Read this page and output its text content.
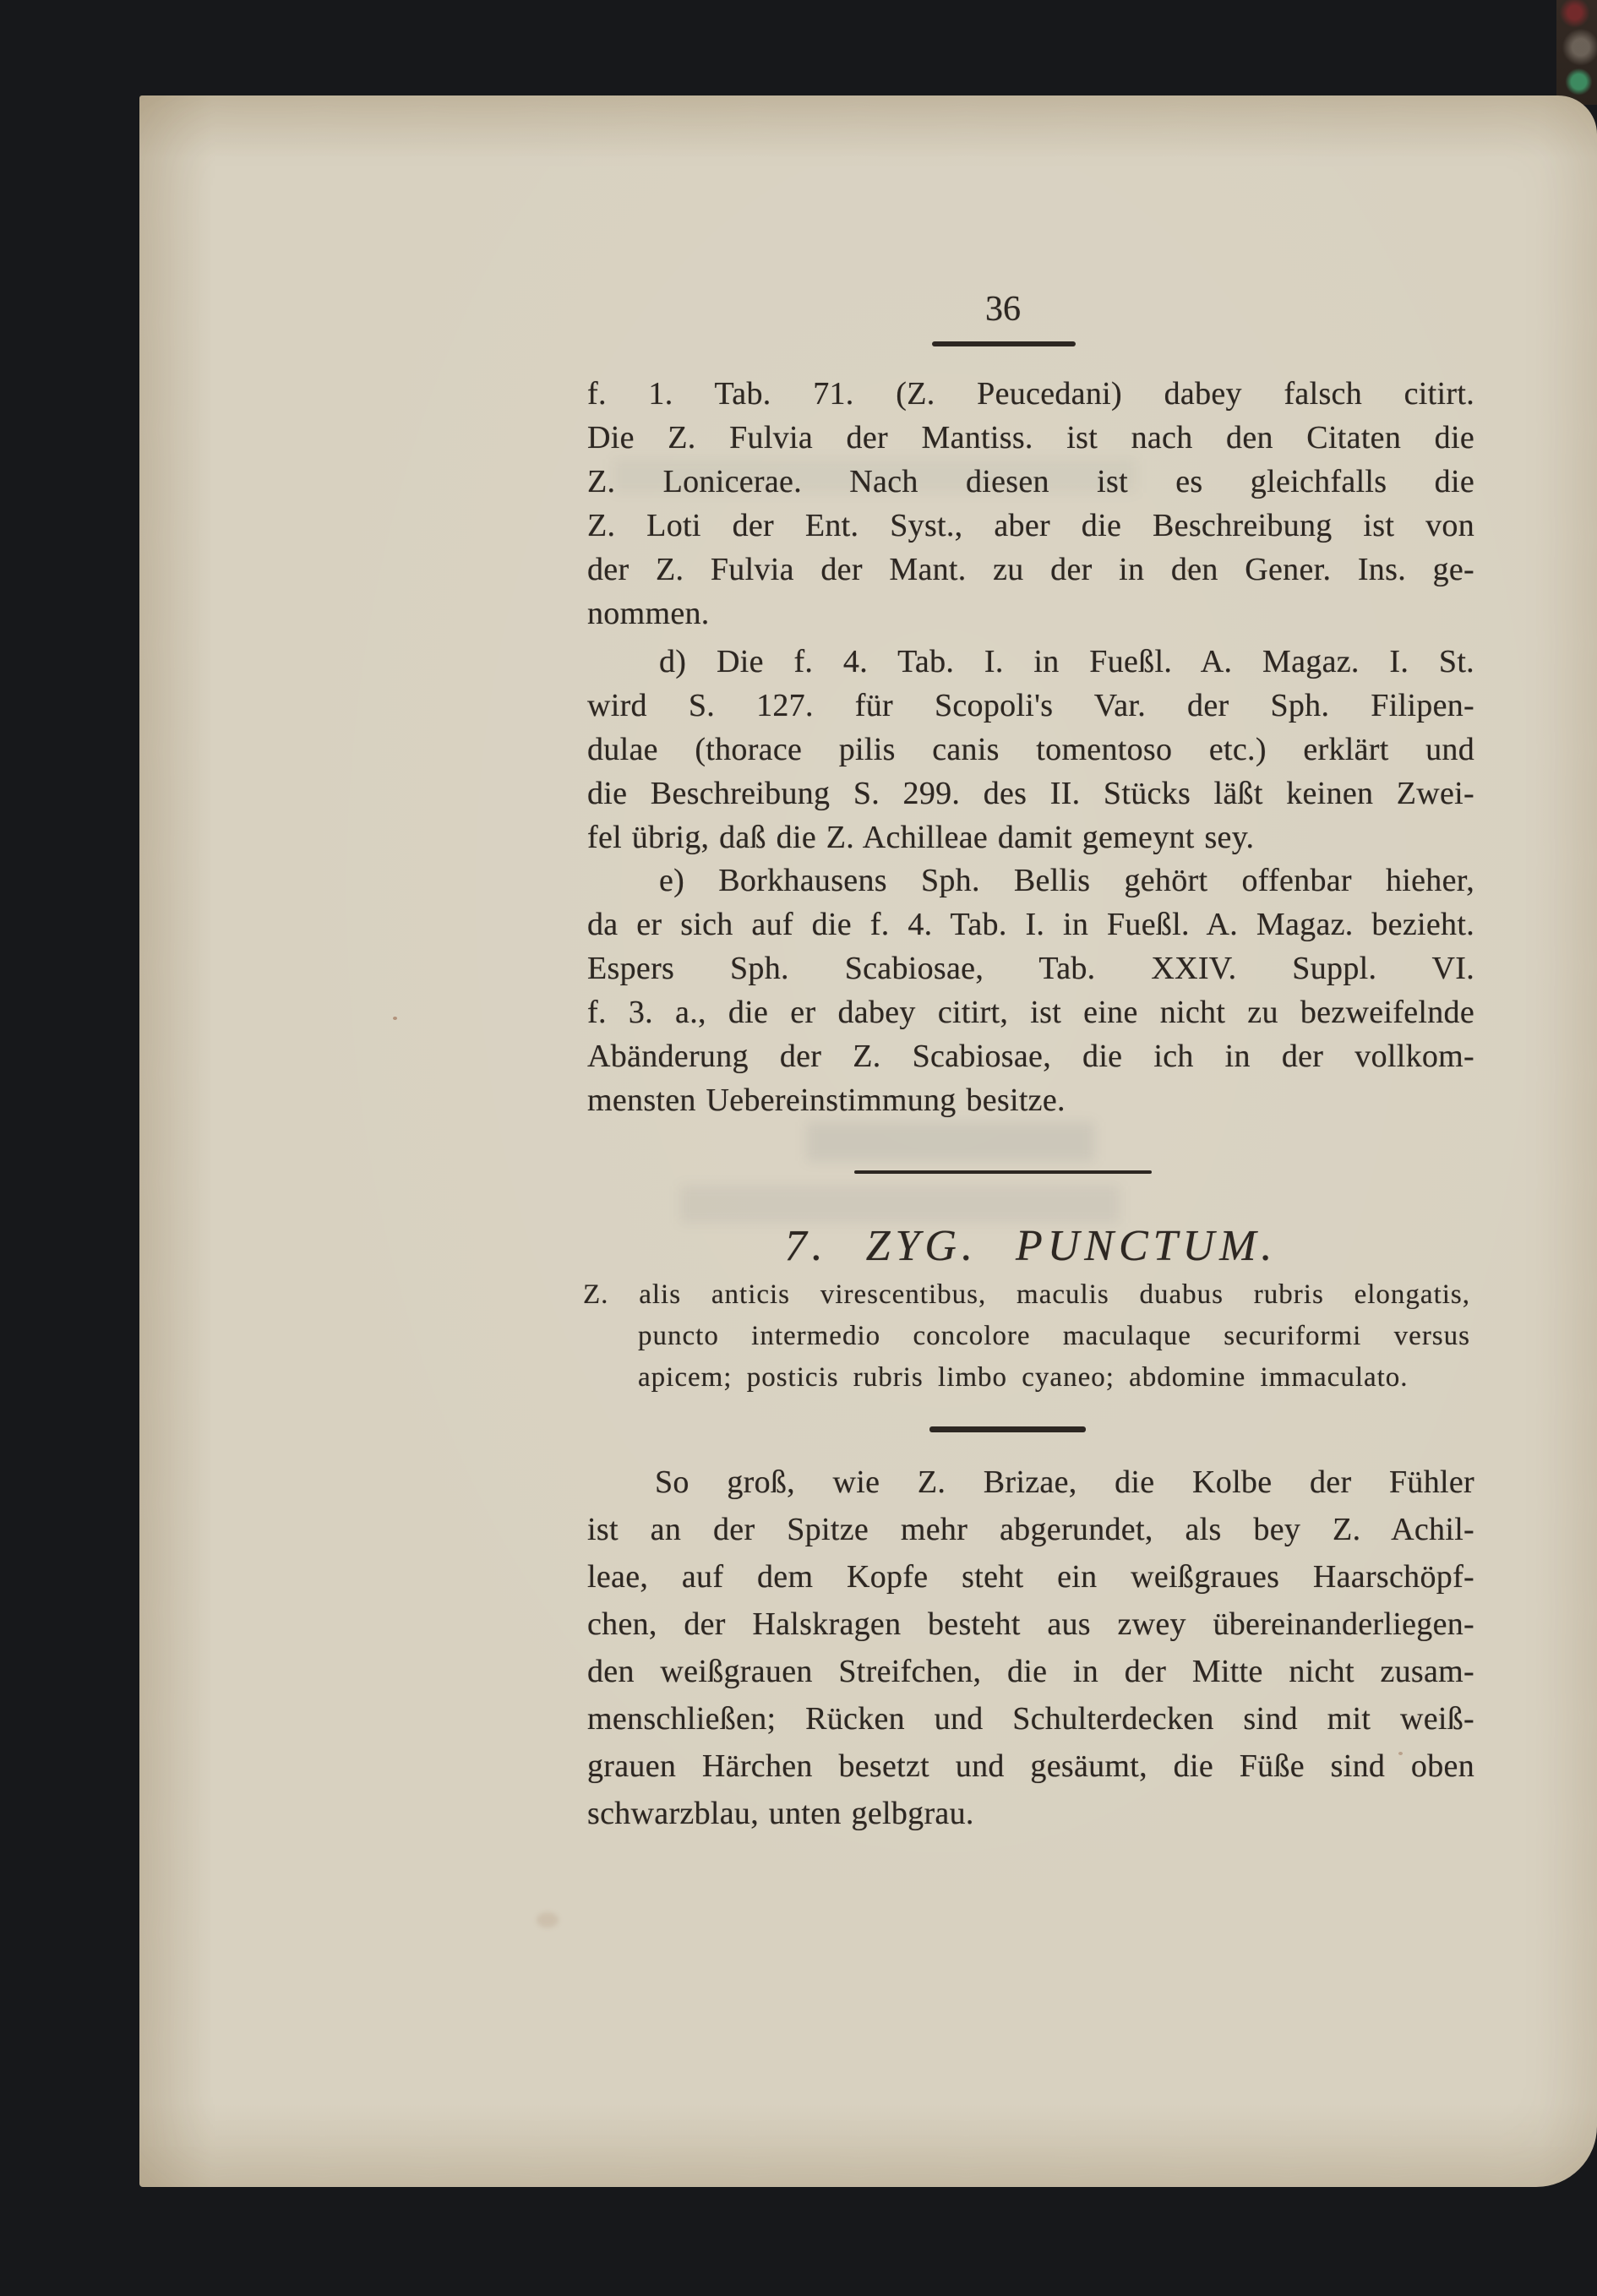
36
f. 1. Tab. 71. (Z. Peucedani) dabey falsch citirt.
Die Z. Fulvia der Mantiss. ist nach den Citaten die
Z. Lonicerae. Nach diesen ist es gleichfalls die
Z. Loti der Ent. Syst., aber die Beschreibung ist von
der Z. Fulvia der Mant. zu der in den Gener. Ins. ge-
nommen.
d) Die f. 4. Tab. I. in Fueßl. A. Magaz. I. St.
wird S. 127. für Scopoli's Var. der Sph. Filipen-
dulae (thorace pilis canis tomentoso etc.) erklärt und
die Beschreibung S. 299. des II. Stücks läßt keinen Zwei-
fel übrig, daß die Z. Achilleae damit gemeynt sey.
e) Borkhausens Sph. Bellis gehört offenbar hieher,
da er sich auf die f. 4. Tab. I. in Fueßl. A. Magaz. bezieht.
Espers Sph. Scabiosae, Tab. XXIV. Suppl. VI.
f. 3. a., die er dabey citirt, ist eine nicht zu bezweifelnde
Abänderung der Z. Scabiosae, die ich in der vollkom-
mensten Uebereinstimmung besitze.
7. ZYG. PUNCTUM.
Z. alis anticis virescentibus, maculis duabus rubris elongatis,
puncto intermedio concolore maculaque securiformi versus
apicem; posticis rubris limbo cyaneo; abdomine immaculato.
So groß, wie Z. Brizae, die Kolbe der Fühler
ist an der Spitze mehr abgerundet, als bey Z. Achil-
leae, auf dem Kopfe steht ein weißgraues Haarschöpf-
chen, der Halskragen besteht aus zwey übereinanderliegen-
den weißgrauen Streifchen, die in der Mitte nicht zusam-
menschließen; Rücken und Schulterdecken sind mit weiß-
grauen Härchen besetzt und gesäumt, die Füße sind oben
schwarzblau, unten gelbgrau.
